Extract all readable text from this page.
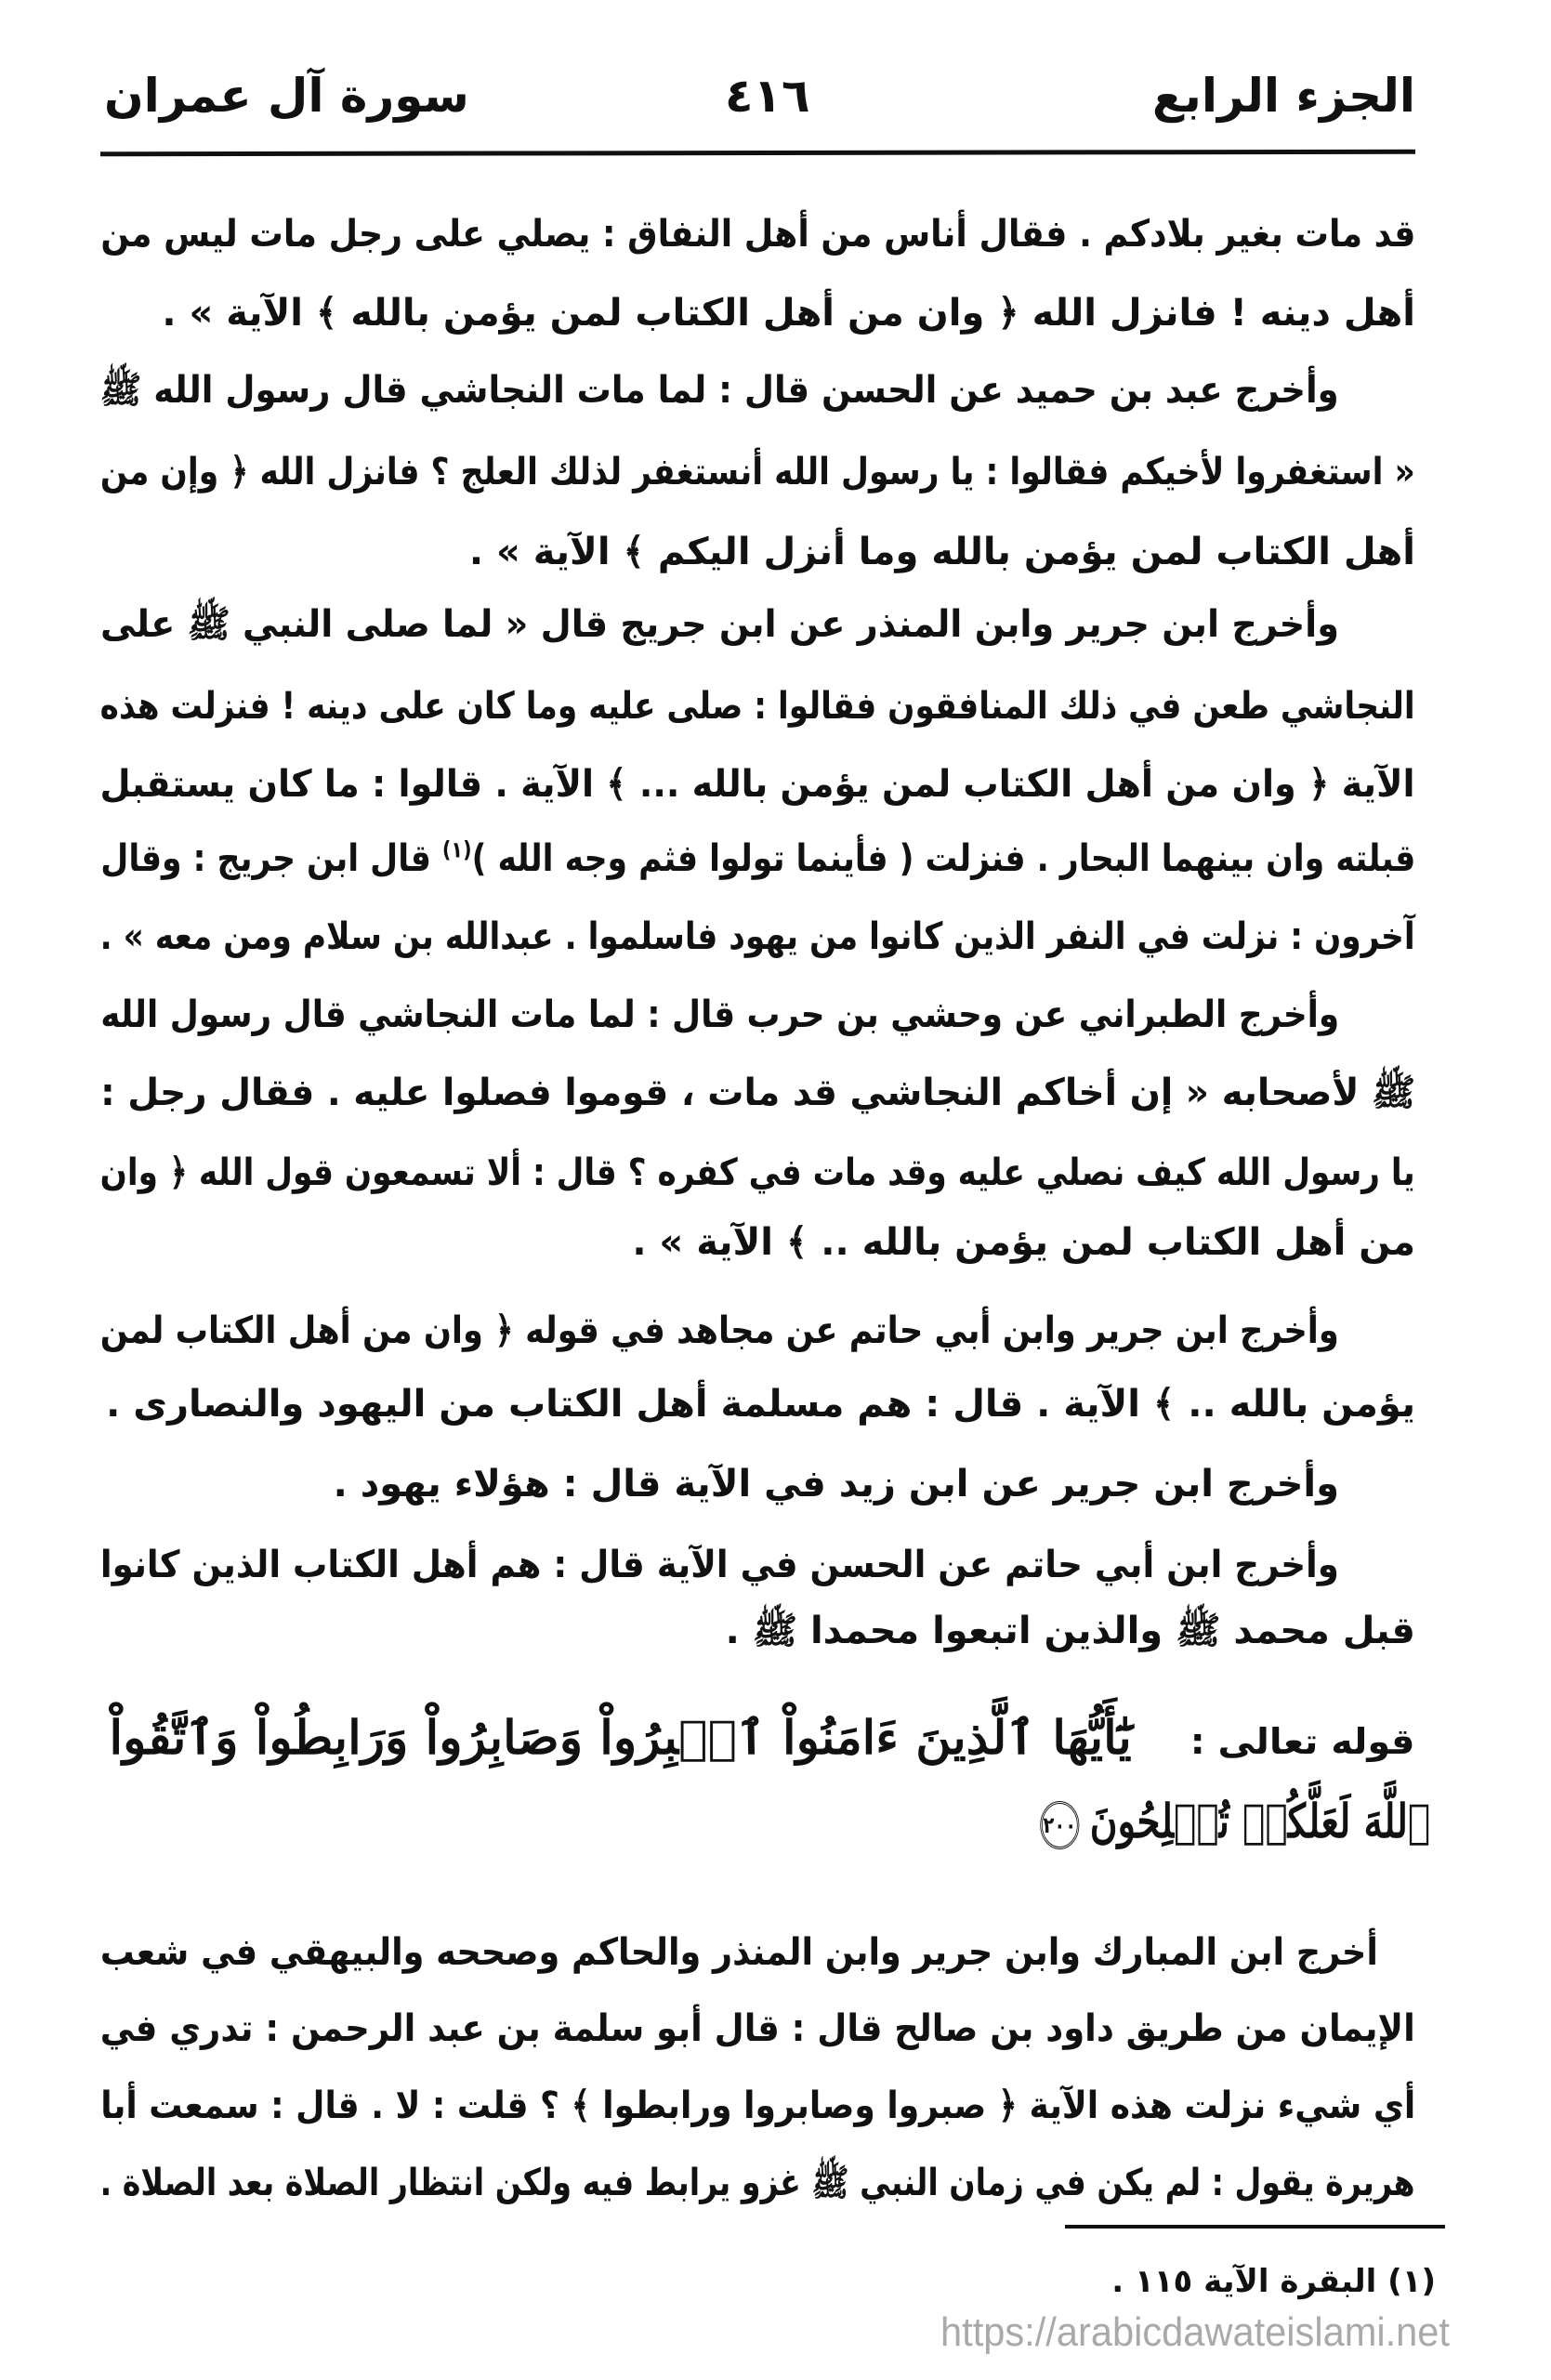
الجزء الرابع
٤١٦
سورة آل عمران
قد مات بغير بلادكم . فقال أناس من أهل النفاق : يصلي على رجل مات ليس من
أهل دينه ! فانزل الله ﴿ وان من أهل الكتاب لمن يؤمن بالله ﴾ الآية » .
وأخرج عبد بن حميد عن الحسن قال : لما مات النجاشي قال رسول الله ﷺ
« استغفروا لأخيكم فقالوا : يا رسول الله أنستغفر لذلك العلج ؟ فانزل الله ﴿ وإن من
أهل الكتاب لمن يؤمن بالله وما أنزل اليكم ﴾ الآية » .
وأخرج ابن جرير وابن المنذر عن ابن جريج قال « لما صلى النبي ﷺ على
النجاشي طعن في ذلك المنافقون فقالوا : صلى عليه وما كان على دينه ! فنزلت هذه
الآية ﴿ وان من أهل الكتاب لمن يؤمن بالله ... ﴾ الآية . قالوا : ما كان يستقبل
قبلته وان بينهما البحار . فنزلت ( فأينما تولوا فثم وجه الله )$^{(١)}$ قال ابن جريج : وقال
آخرون : نزلت في النفر الذين كانوا من يهود فاسلموا . عبدالله بن سلام ومن معه » .
وأخرج الطبراني عن وحشي بن حرب قال : لما مات النجاشي قال رسول الله
ﷺ لأصحابه « إن أخاكم النجاشي قد مات ، قوموا فصلوا عليه . فقال رجل :
يا رسول الله كيف نصلي عليه وقد مات في كفره ؟ قال : ألا تسمعون قول الله ﴿ وان
من أهل الكتاب لمن يؤمن بالله .. ﴾ الآية » .
وأخرج ابن جرير وابن أبي حاتم عن مجاهد في قوله ﴿ وان من أهل الكتاب لمن
يؤمن بالله .. ﴾ الآية . قال : هم مسلمة أهل الكتاب من اليهود والنصارى .
وأخرج ابن جرير عن ابن زيد في الآية قال : هؤلاء يهود .
وأخرج ابن أبي حاتم عن الحسن في الآية قال : هم أهل الكتاب الذين كانوا
قبل محمد ﷺ والذين اتبعوا محمدا ﷺ .
قوله تعالى :يَٰٓأَيُّهَا ٱلَّذِينَ ءَامَنُواْ ٱصۡبِرُواْ وَصَابِرُواْ وَرَابِطُواْ وَٱتَّقُواْ
ٱللَّهَ لَعَلَّكُمۡ تُفۡلِحُونَ٢٠٠
أخرج ابن المبارك وابن جرير وابن المنذر والحاكم وصححه والبيهقي في شعب
الإيمان من طريق داود بن صالح قال : قال أبو سلمة بن عبد الرحمن : تدري في
أي شيء نزلت هذه الآية ﴿ صبروا وصابروا ورابطوا ﴾ ؟ قلت : لا . قال : سمعت أبا
هريرة يقول : لم يكن في زمان النبي ﷺ غزو يرابط فيه ولكن انتظار الصلاة بعد الصلاة .
(١) البقرة الآية ١١٥ .
https://arabicdawateislami.net
